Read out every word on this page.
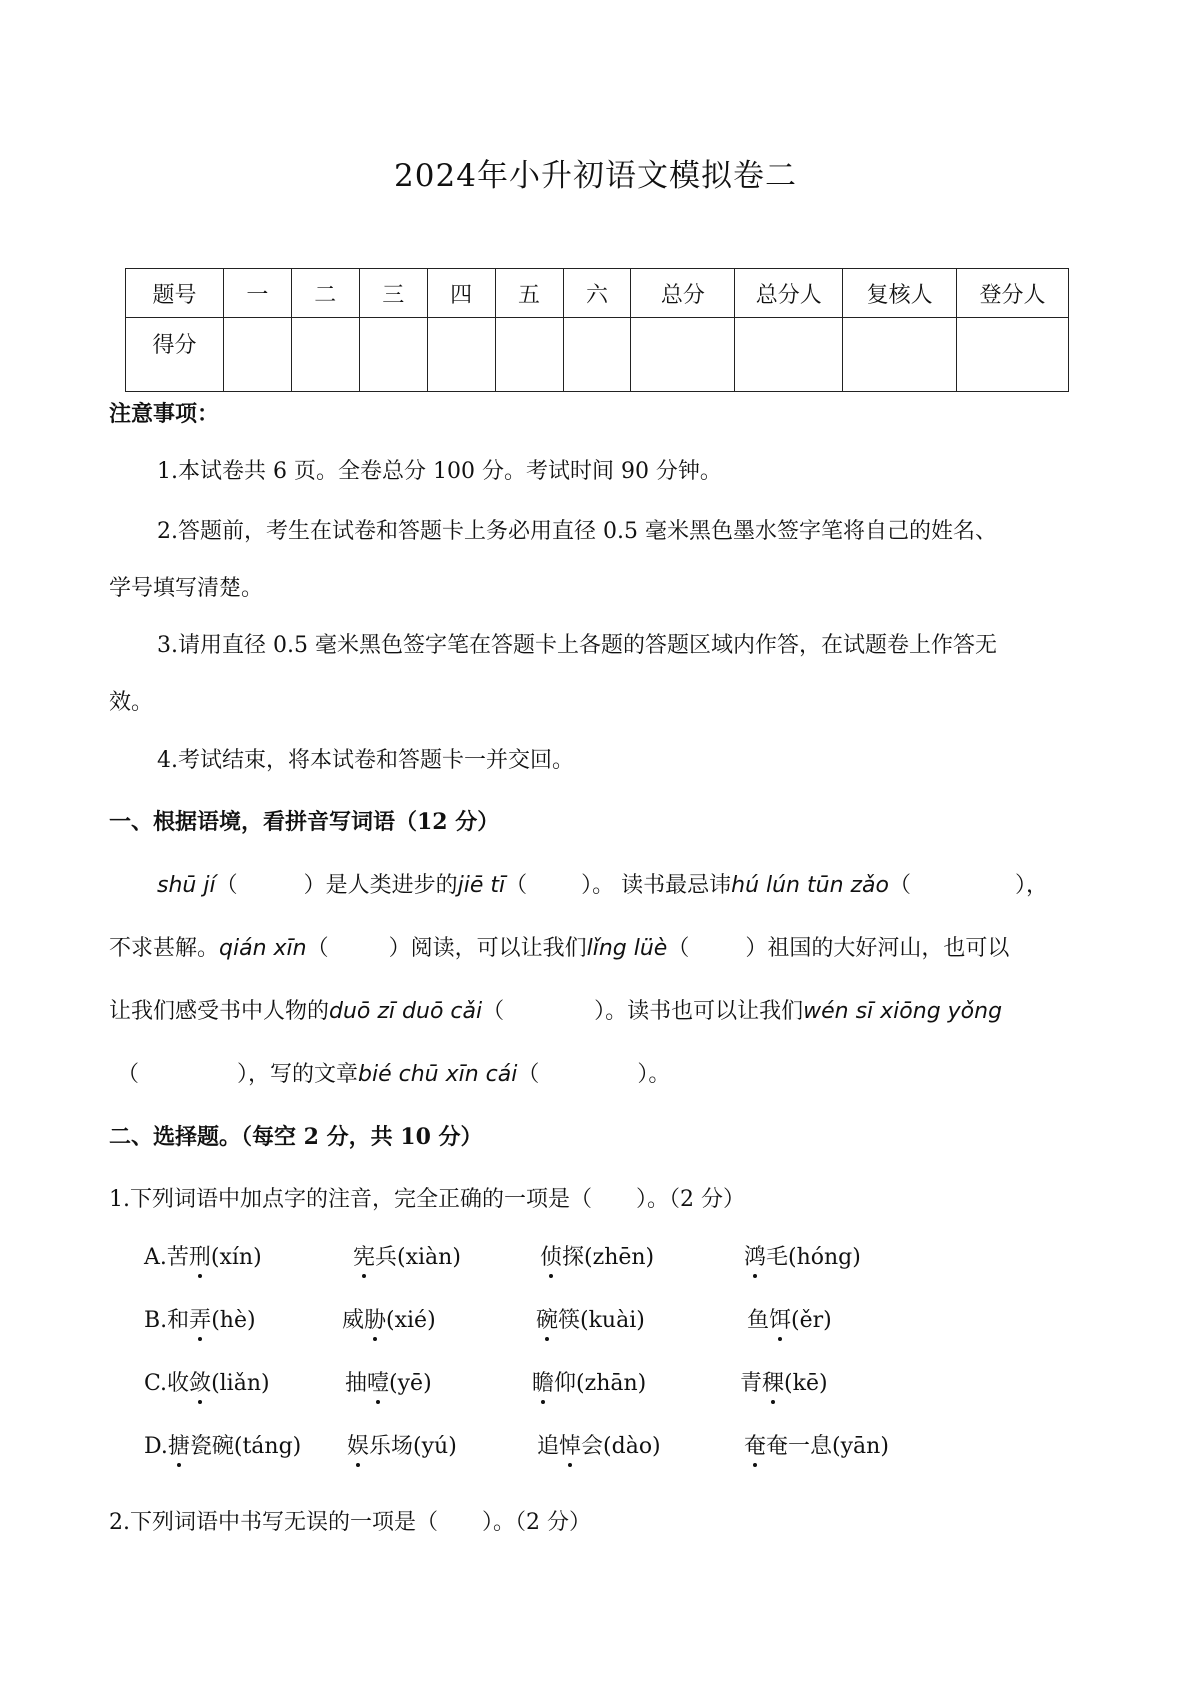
2024年小升初语文模拟卷二
题号	一	二	三	四	五	六	总分	总分人	复核人	登分人
得分										
注意事项：
1.本试卷共 6 页。全卷总分 100 分。考试时间 90 分钟。
2.答题前，考生在试卷和答题卡上务必用直径 0.5 毫米黑色墨水签字笔将自己的姓名、
学号填写清楚。
3.请用直径 0.5 毫米黑色签字笔在答题卡上各题的答题区域内作答，在试题卷上作答无
效。
4.考试结束，将本试卷和答题卡一并交回。
一、根据语境，看拼音写词语（12 分）
shū jí（	）是人类进步的jiē tī（ ）。 读书最忌讳hú lún tūn zǎo（	），
不求甚解。qián xīn（	）阅读，可以让我们lǐng lüè（	）祖国的大好河山，也可以
让我们感受书中人物的duō zī duō cǎi（	）。读书也可以让我们wén sī xiōng yǒng
（	），写的文章bié chū xīn cái（	）。
二、选择题。（每空 2 分，共 10 分）
1.下列词语中加点字的注音，完全正确的一项是（　　）。（2 分）
A.苦刑(xín)	宪兵(xiàn)	侦探(zhēn)	鸿毛(hóng)
B.和弄(hè)	威胁(xié)	碗筷(kuài)	鱼饵(ěr)
C.收敛(liǎn)	抽噎(yē)	瞻仰(zhān)	青稞(kē)
D.搪瓷碗(táng) 娱乐场(yú)	追悼会(dào)	奄奄一息(yān)
2.下列词语中书写无误的一项是（　　）。（2 分）
